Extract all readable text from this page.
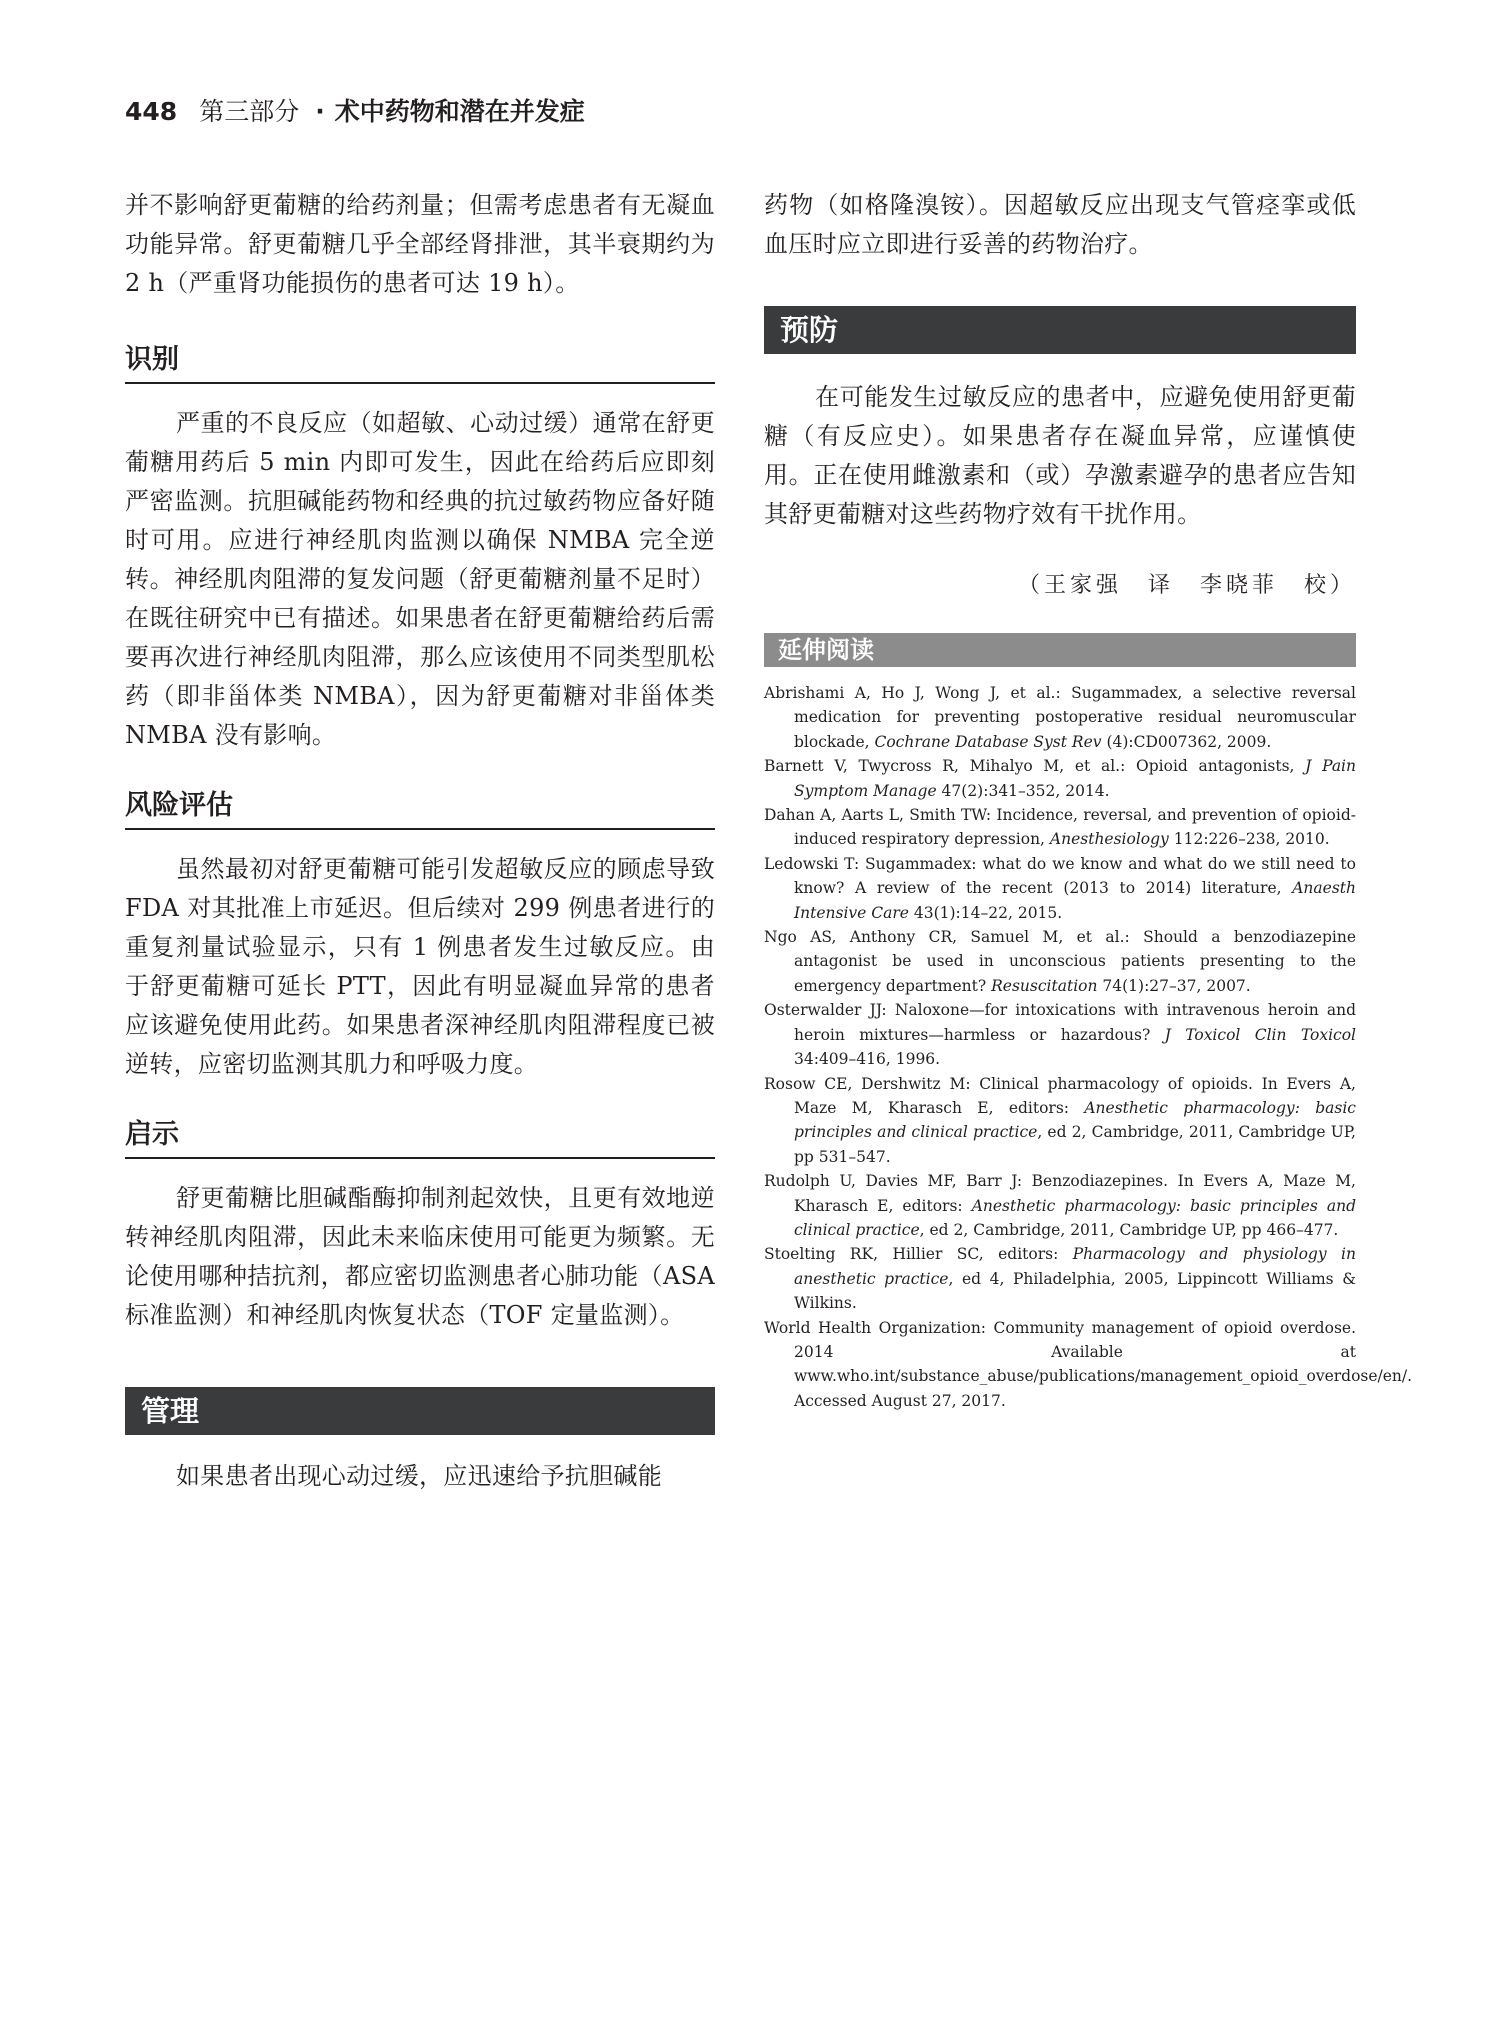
448 第三部分 · 术中药物和潜在并发症

并不影响舒更葡糖的给药剂量；但需考虑患者有无凝血功能异常。舒更葡糖几乎全部经肾排泄，其半衰期约为 2 h（严重肾功能损伤的患者可达 19 h）。

识别

严重的不良反应（如超敏、心动过缓）通常在舒更葡糖用药后 5 min 内即可发生，因此在给药后应即刻严密监测。抗胆碱能药物和经典的抗过敏药物应备好随时可用。应进行神经肌肉监测以确保 NMBA 完全逆转。神经肌肉阻滞的复发问题（舒更葡糖剂量不足时）在既往研究中已有描述。如果患者在舒更葡糖给药后需要再次进行神经肌肉阻滞，那么应该使用不同类型肌松药（即非甾体类 NMBA），因为舒更葡糖对非甾体类 NMBA 没有影响。

风险评估

虽然最初对舒更葡糖可能引发超敏反应的顾虑导致 FDA 对其批准上市延迟。但后续对 299 例患者进行的重复剂量试验显示，只有 1 例患者发生过敏反应。由于舒更葡糖可延长 PTT，因此有明显凝血异常的患者应该避免使用此药。如果患者深神经肌肉阻滞程度已被逆转，应密切监测其肌力和呼吸力度。

启示

舒更葡糖比胆碱酯酶抑制剂起效快，且更有效地逆转神经肌肉阻滞，因此未来临床使用可能更为频繁。无论使用哪种拮抗剂，都应密切监测患者心肺功能（ASA 标准监测）和神经肌肉恢复状态（TOF 定量监测）。

管理

如果患者出现心动过缓，应迅速给予抗胆碱能

药物（如格隆溴铵）。因超敏反应出现支气管痉挛或低血压时应立即进行妥善的药物治疗。

预防

在可能发生过敏反应的患者中，应避免使用舒更葡糖（有反应史）。如果患者存在凝血异常，应谨慎使用。正在使用雌激素和（或）孕激素避孕的患者应告知其舒更葡糖对这些药物疗效有干扰作用。

（王家强　译　李晓菲　校）

延伸阅读

Abrishami A, Ho J, Wong J, et al.: Sugammadex, a selective reversal medication for preventing postoperative residual neuromuscular blockade, Cochrane Database Syst Rev (4):CD007362, 2009.

Barnett V, Twycross R, Mihalyo M, et al.: Opioid antagonists, J Pain Symptom Manage 47(2):341–352, 2014.

Dahan A, Aarts L, Smith TW: Incidence, reversal, and prevention of opioid-induced respiratory depression, Anesthesiology 112:226–238, 2010.

Ledowski T: Sugammadex: what do we know and what do we still need to know? A review of the recent (2013 to 2014) literature, Anaesth Intensive Care 43(1):14–22, 2015.

Ngo AS, Anthony CR, Samuel M, et al.: Should a benzodiazepine antagonist be used in unconscious patients presenting to the emergency department? Resuscitation 74(1):27–37, 2007.

Osterwalder JJ: Naloxone—for intoxications with intravenous heroin and heroin mixtures—harmless or hazardous? J Toxicol Clin Toxicol 34:409–416, 1996.

Rosow CE, Dershwitz M: Clinical pharmacology of opioids. In Evers A, Maze M, Kharasch E, editors: Anesthetic pharmacology: basic principles and clinical practice, ed 2, Cambridge, 2011, Cambridge UP, pp 531–547.

Rudolph U, Davies MF, Barr J: Benzodiazepines. In Evers A, Maze M, Kharasch E, editors: Anesthetic pharmacology: basic principles and clinical practice, ed 2, Cambridge, 2011, Cambridge UP, pp 466–477.

Stoelting RK, Hillier SC, editors: Pharmacology and physiology in anesthetic practice, ed 4, Philadelphia, 2005, Lippincott Williams & Wilkins.

World Health Organization: Community management of opioid overdose. 2014 Available at www.who.int/substance_abuse/publications/management_opioid_overdose/en/. Accessed August 27, 2017.
